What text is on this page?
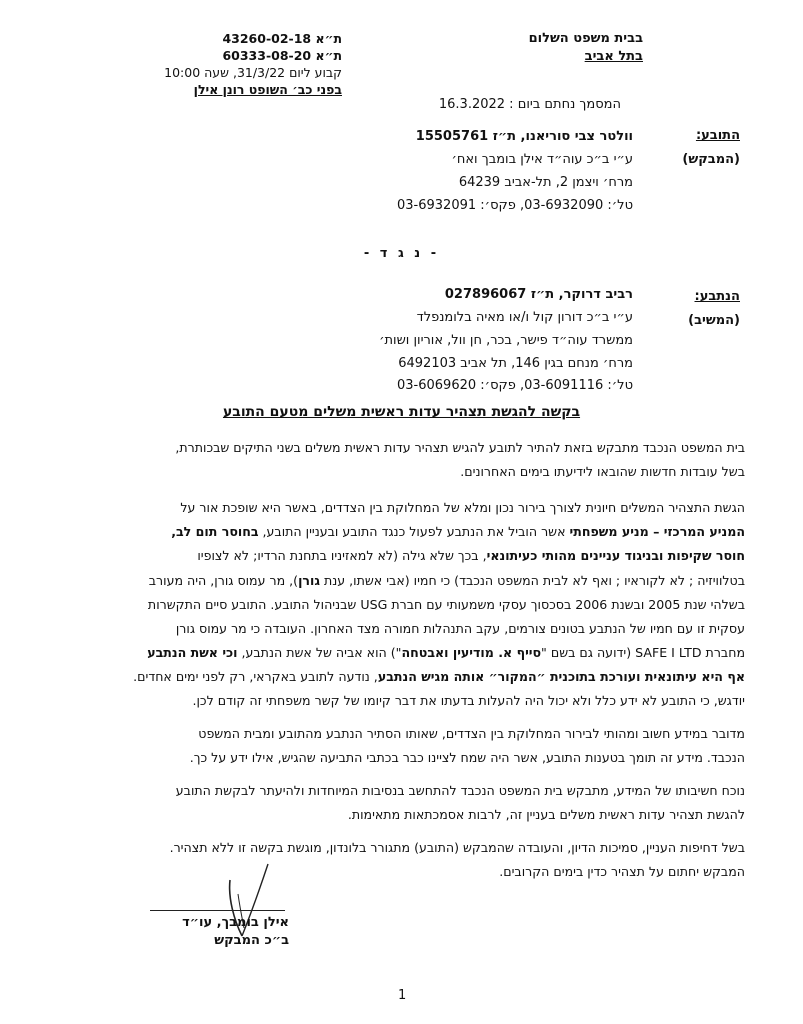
בבית משפט השלום
בתל אביב
ת״א 43260-02-18
ת״א 60333-08-20
קבוע ליום 31/3/22, שעה 10:00
בפני כב׳ השופט רונן אילן
המסמך נחתם ביום : 16.3.2022
התובע:
(המבקש)
וולטר צבי סוריאנו, ת״ז 15505761
ע״י ב״כ עוה״ד אילן בומבך ואח׳
מרח׳ ויצמן 2, תל-אביב 64239
טל׳: 03-6932090, פקס׳: 03-6932091
- נ ג ד -
הנתבע:
(המשיב)
רביב דרוקר, ת״ז 027896067
ע״י ב״כ דורון קול ו/או מאיה בלומנפלד
ממשרד עוה״ד פישר, בכר, חן וול, אוריון ושות׳
מרח׳ מנחם בגין 146, תל אביב 6492103
טל׳: 03-6091116, פקס׳: 03-6069620
בקשה להגשת תצהיר עדות ראשית משלים מטעם התובע
בית המשפט הנכבד מתבקש בזאת להתיר לתובע להגיש תצהיר עדות ראשית משלים בשני התיקים שבכותרת,
בשל עובדות חדשות שהובאו לידיעתו בימים האחרונים.
הגשת התצהיר המשלים חיונית לצורך בירור נכון ומלא של המחלוקת בין הצדדים, באשר היא שופכת אור על
המניע המרכזי – מניע משפחתי אשר הוביל את הנתבע לפעול כנגד התובע ובעניין התובע, בחוסר תום לב,
חוסר שקיפות ובניגוד עניינים מהותי כעיתונאי, בכך שלא גילה (לא למאזיניו בתחנת הרדיו; לא לצופיו
בטלוויזיה ; לא לקוראיו ; ואף לא לבית המשפט הנכבד) כי חמיו (אבי אשתו, ענת גורן), מר עמוס גורן, היה מעורב
בשלהי שנת 2005 ובשנת 2006 בסכסוך עסקי משמעותי עם חברת USG שבניהול התובע. התובע סיים התקשרות
עסקית זו עם חמיו של הנתבע בטונים צורמים, עקב התנהלות חמורה מצד האחרון. העובדה כי מר עמוס גורן
מחברת SAFE I LTD (ידועה גם בשם "סייף א. מודיעין ואבטחה") הוא אביה של אשת הנתבע, וכי אשת הנתבע
אף היא עיתונאית ועורכת בתוכנית ״המקור״ אותה מגיש הנתבע, נודעה לתובע באקראי, רק לפני ימים אחדים.
יודגש, כי התובע לא ידע כלל ולא יכול היה להעלות בדעתו את דבר קיומו של קשר משפחתי זה קודם לכן.
מדובר במידע חשוב ומהותי לבירור המחלוקת בין הצדדים, שאותו הסתיר הנתבע מהתובע ומבית המשפט
הנכבד. מידע זה תומך בטענות התובע, אשר היה שמח לציינו כבר בכתבי התביעה שהגיש, אילו ידע על כך.
נוכח חשיבותו של המידע, מתבקש בית המשפט הנכבד להתחשב בנסיבות המיוחדות ולהיעתר לבקשת התובע
להגשת תצהיר עדות ראשית משלים בעניין זה, לרבות אסמכתאות מתאימות.
בשל דחיפות העניין, סמיכות הדיון, והעובדה שהמבקש (התובע) מתגורר בלונדון, מוגשת בקשה זו ללא תצהיר.
המבקש יחתום על תצהיר כדין בימים הקרובים.
אילן בומבך, עו״ד
ב״כ המבקש
1
